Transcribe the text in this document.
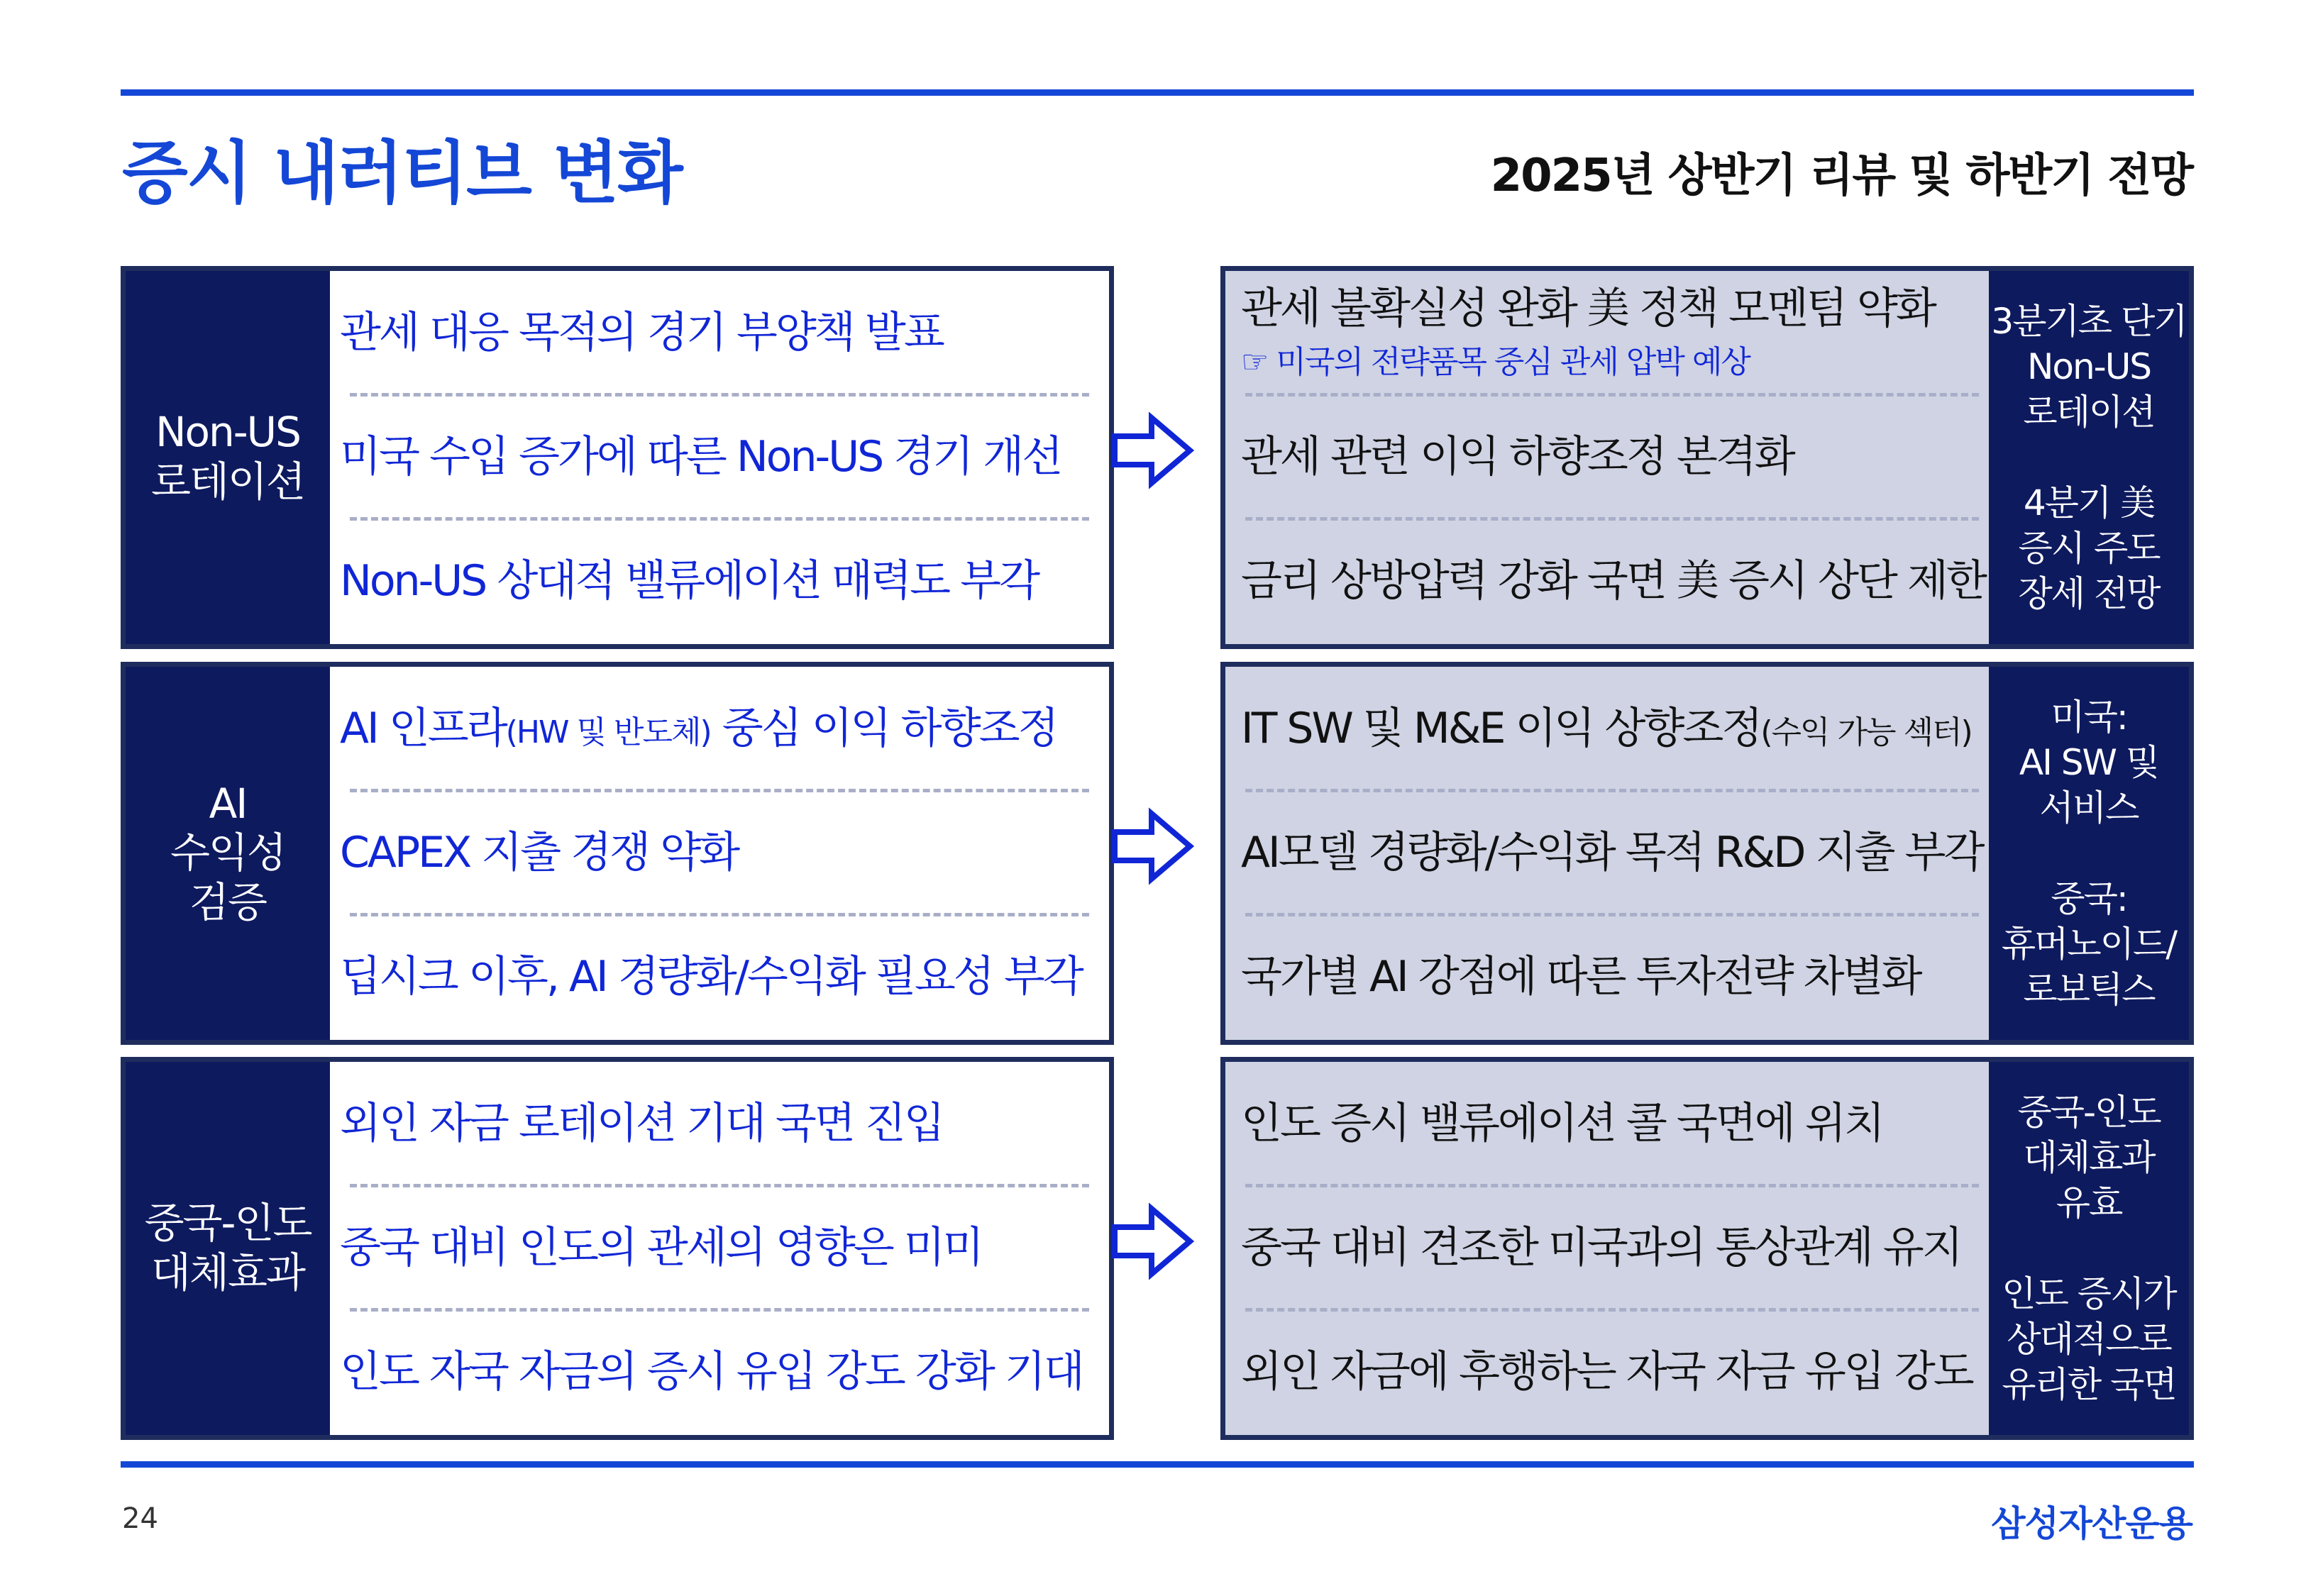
증시 내러티브 변화	2025년 상반기 리뷰 및 하반기 전망
Non-US
로테이션
관세 대응 목적의 경기 부양책 발표
미국 수입 증가에 따른 Non-US 경기 개선
Non-US 상대적 밸류에이션 매력도 부각
관세 불확실성 완화 美 정책 모멘텀 약화
☞ 미국의 전략품목 중심 관세 압박 예상
관세 관련 이익 하향조정 본격화
금리 상방압력 강화 국면 美 증시 상단 제한
3분기초 단기
Non-US
로테이션
4분기 美
증시 주도
장세 전망
AI
수익성
검증
AI 인프라(HW 및 반도체) 중심 이익 하향조정
CAPEX 지출 경쟁 약화
딥시크 이후, AI 경량화/수익화 필요성 부각
IT SW 및 M&E 이익 상향조정(수익 가능 섹터)
AI모델 경량화/수익화 목적 R&D 지출 부각
국가별 AI 강점에 따른 투자전략 차별화
미국:
AI SW 및
서비스
중국:
휴머노이드/
로보틱스
중국-인도
대체효과
외인 자금 로테이션 기대 국면 진입
중국 대비 인도의 관세의 영향은 미미
인도 자국 자금의 증시 유입 강도 강화 기대
인도 증시 밸류에이션 콜 국면에 위치
중국 대비 견조한 미국과의 통상관계 유지
외인 자금에 후행하는 자국 자금 유입 강도
중국-인도
대체효과
유효
인도 증시가
상대적으로
유리한 국면
24	삼성자산운용
